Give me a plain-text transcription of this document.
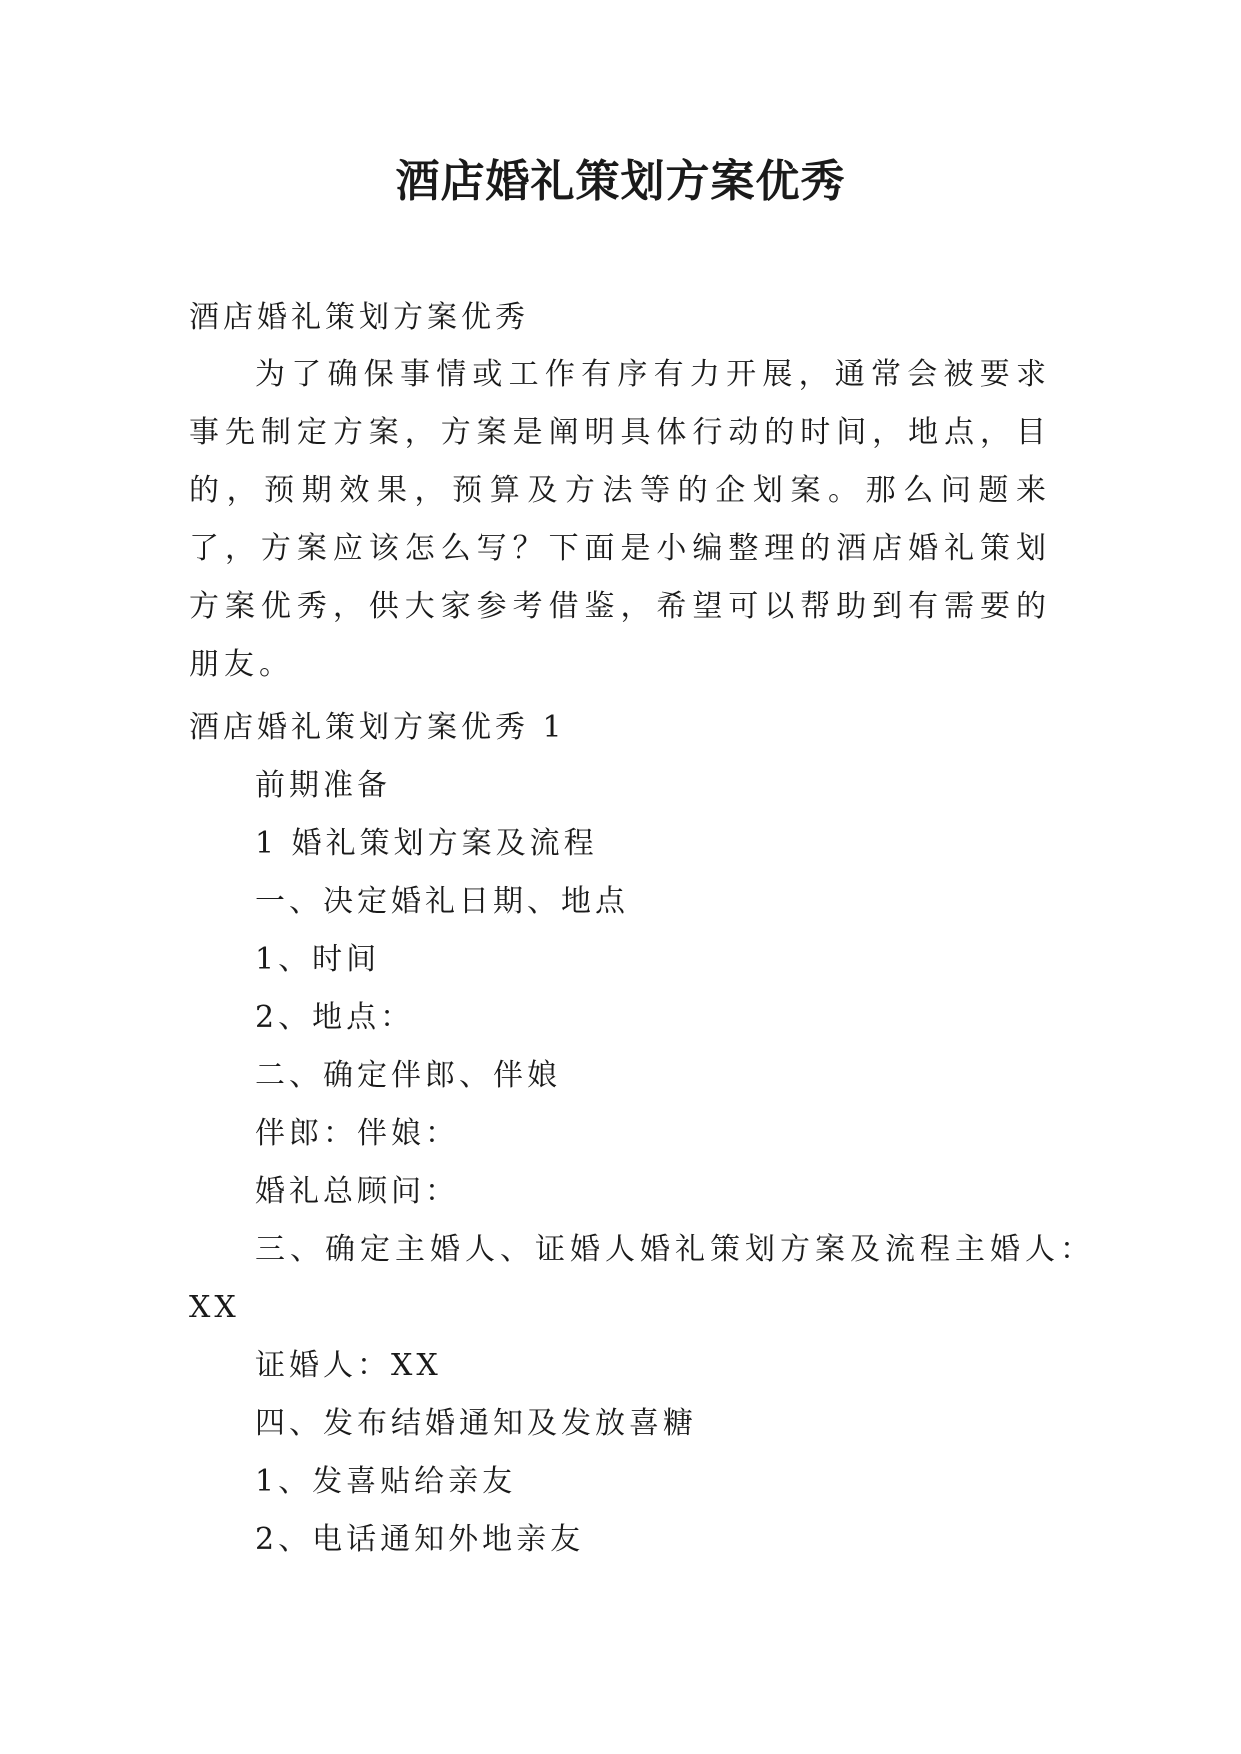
酒店婚礼策划方案优秀
酒店婚礼策划方案优秀
为了确保事情或工作有序有力开展，通常会被要求事先制定方案，方案是阐明具体行动的时间，地点，目的，预期效果，预算及方法等的企划案。那么问题来了，方案应该怎么写？下面是小编整理的酒店婚礼策划方案优秀，供大家参考借鉴，希望可以帮助到有需要的朋友。
酒店婚礼策划方案优秀 1
前期准备
1 婚礼策划方案及流程
一、决定婚礼日期、地点
1、时间
2、地点：
二、确定伴郎、伴娘
伴郎：伴娘：
婚礼总顾问：
三、确定主婚人、证婚人婚礼策划方案及流程主婚人：
XX
证婚人：XX
四、发布结婚通知及发放喜糖
1、发喜贴给亲友
2、电话通知外地亲友
